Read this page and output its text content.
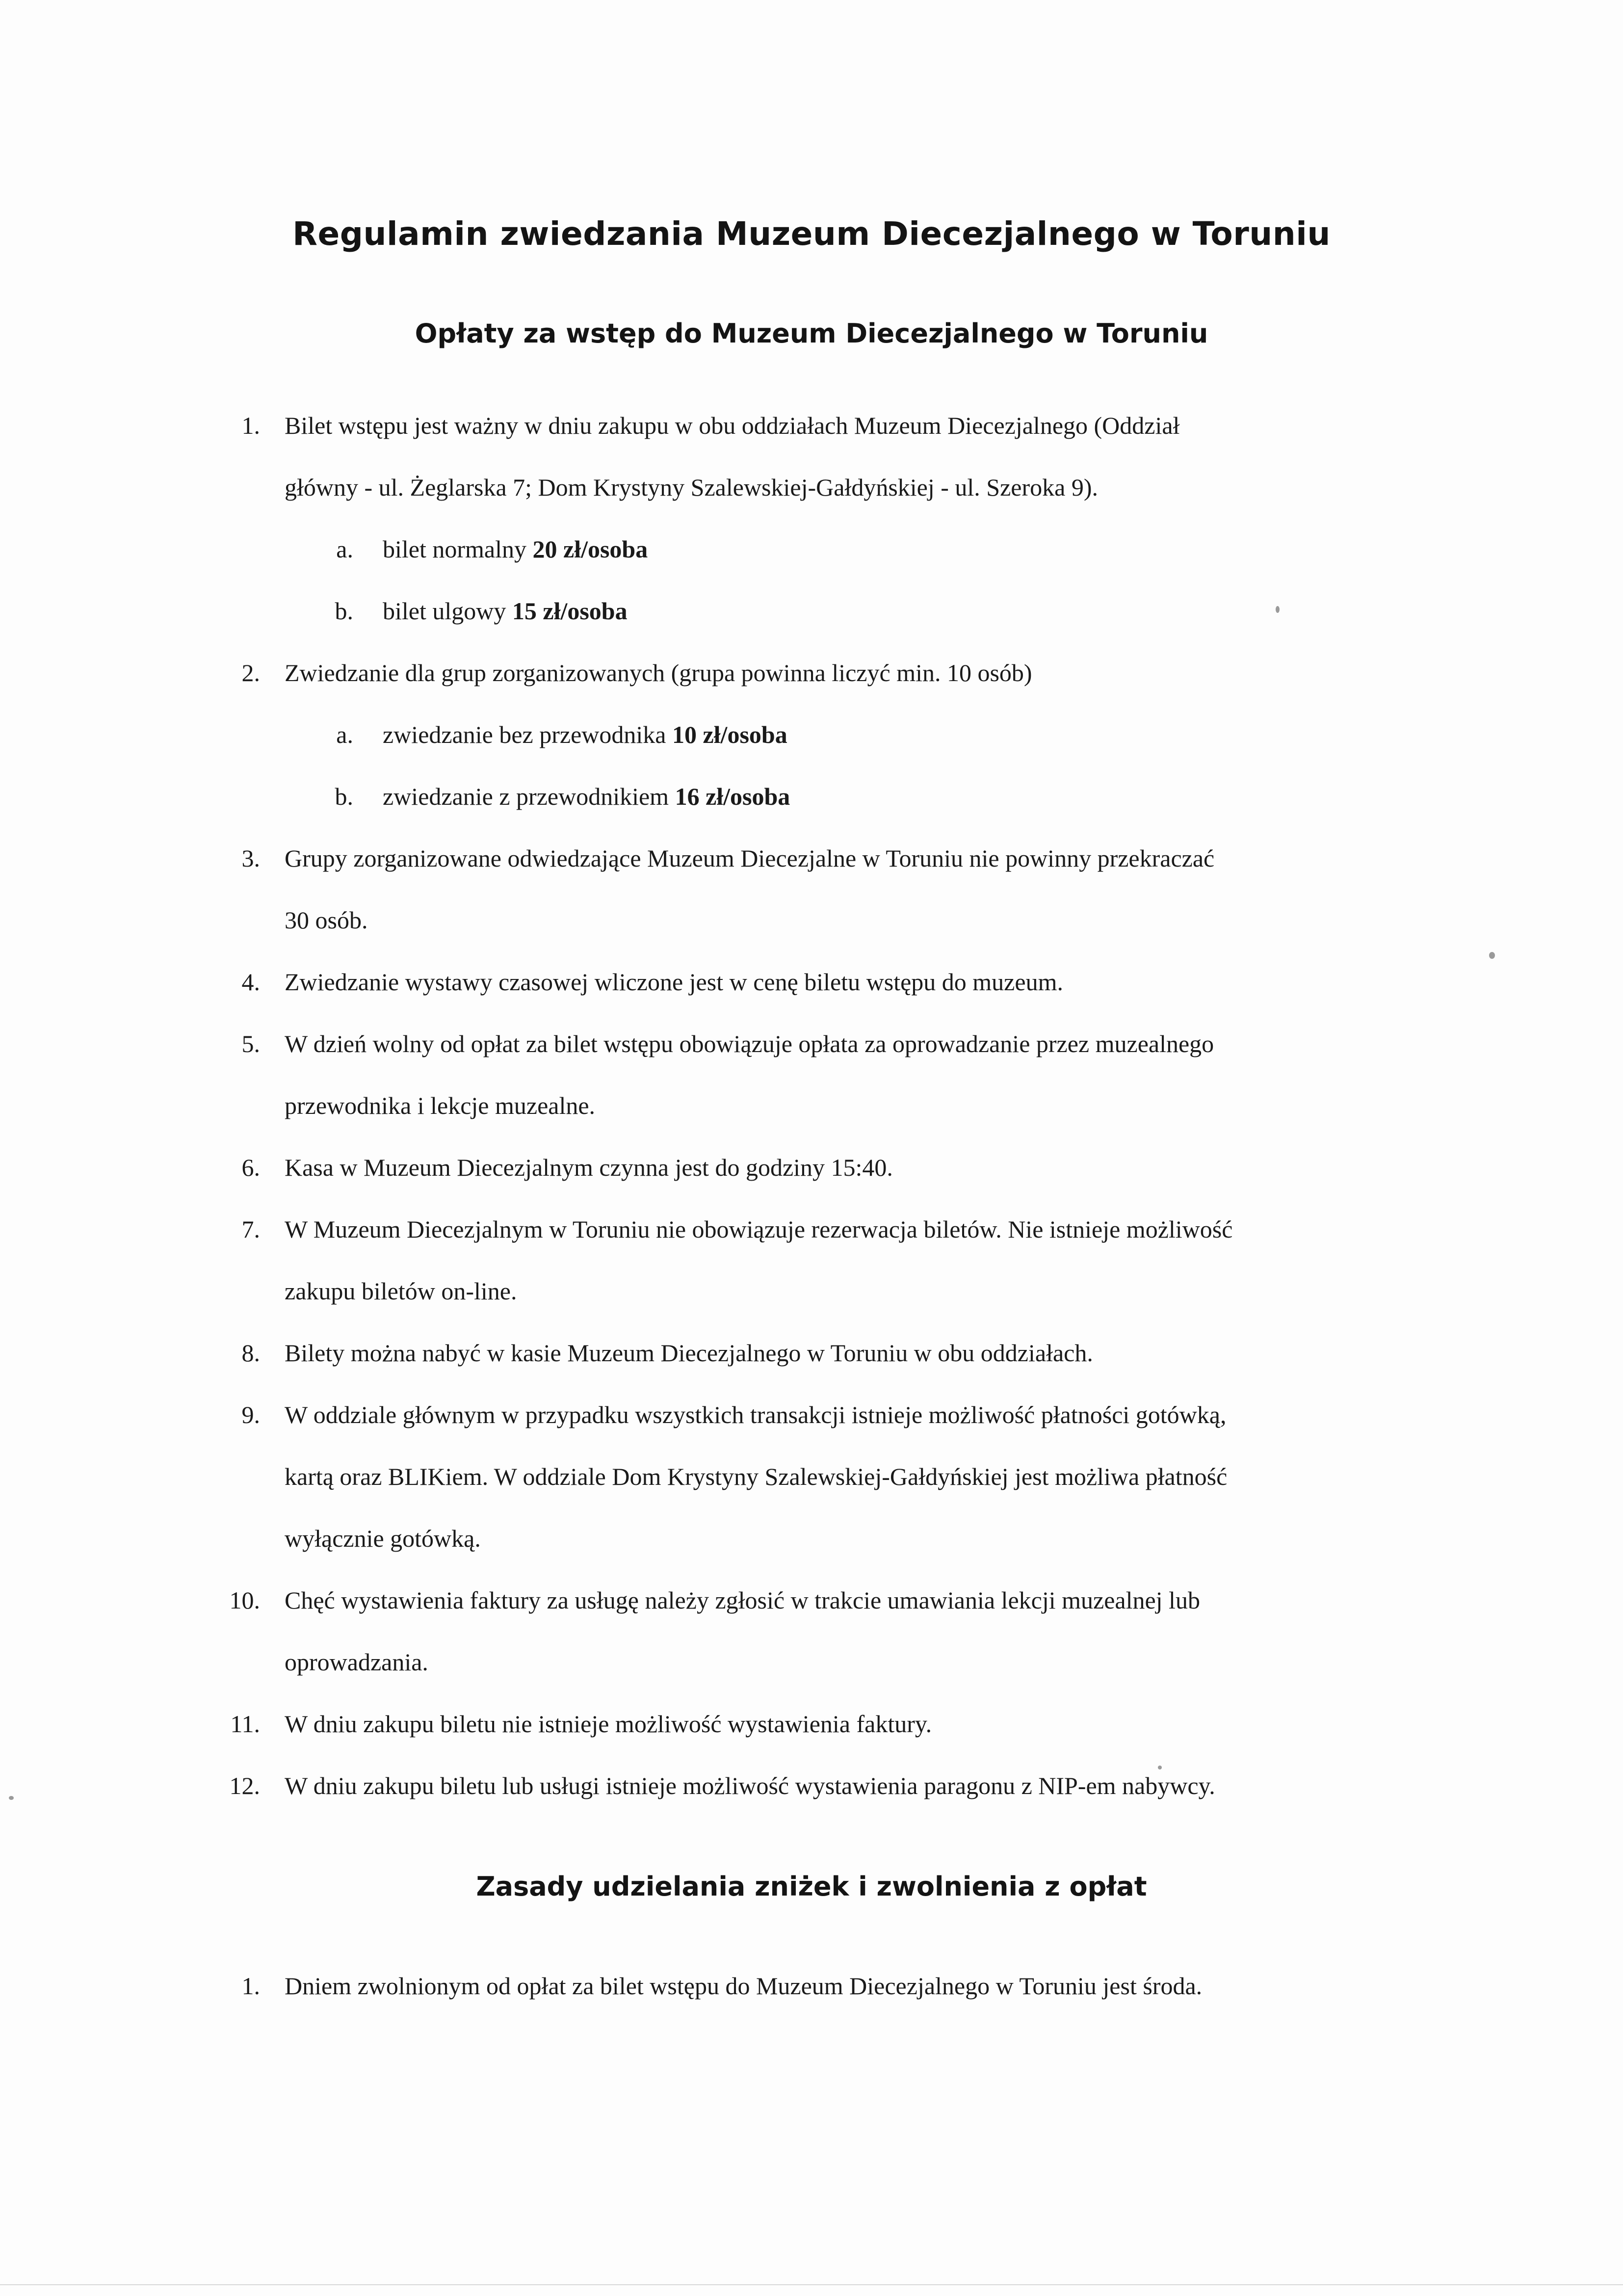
Regulamin zwiedzania Muzeum Diecezjalnego w Toruniu
Opłaty za wstęp do Muzeum Diecezjalnego w Toruniu
1. Bilet wstępu jest ważny w dniu zakupu w obu oddziałach Muzeum Diecezjalnego (Oddział
główny - ul. Żeglarska 7; Dom Krystyny Szalewskiej-Gałdyńskiej - ul. Szeroka 9).
a. bilet normalny 20 zł/osoba
b. bilet ulgowy 15 zł/osoba
2. Zwiedzanie dla grup zorganizowanych (grupa powinna liczyć min. 10 osób)
a. zwiedzanie bez przewodnika 10 zł/osoba
b. zwiedzanie z przewodnikiem 16 zł/osoba
3. Grupy zorganizowane odwiedzające Muzeum Diecezjalne w Toruniu nie powinny przekraczać
30 osób.
4. Zwiedzanie wystawy czasowej wliczone jest w cenę biletu wstępu do muzeum.
5. W dzień wolny od opłat za bilet wstępu obowiązuje opłata za oprowadzanie przez muzealnego
przewodnika i lekcje muzealne.
6. Kasa w Muzeum Diecezjalnym czynna jest do godziny 15:40.
7. W Muzeum Diecezjalnym w Toruniu nie obowiązuje rezerwacja biletów. Nie istnieje możliwość
zakupu biletów on-line.
8. Bilety można nabyć w kasie Muzeum Diecezjalnego w Toruniu w obu oddziałach.
9. W oddziale głównym w przypadku wszystkich transakcji istnieje możliwość płatności gotówką,
kartą oraz BLIKiem. W oddziale Dom Krystyny Szalewskiej-Gałdyńskiej jest możliwa płatność
wyłącznie gotówką.
10. Chęć wystawienia faktury za usługę należy zgłosić w trakcie umawiania lekcji muzealnej lub
oprowadzania.
11. W dniu zakupu biletu nie istnieje możliwość wystawienia faktury.
12. W dniu zakupu biletu lub usługi istnieje możliwość wystawienia paragonu z NIP-em nabywcy.
Zasady udzielania zniżek i zwolnienia z opłat
1. Dniem zwolnionym od opłat za bilet wstępu do Muzeum Diecezjalnego w Toruniu jest środa.
